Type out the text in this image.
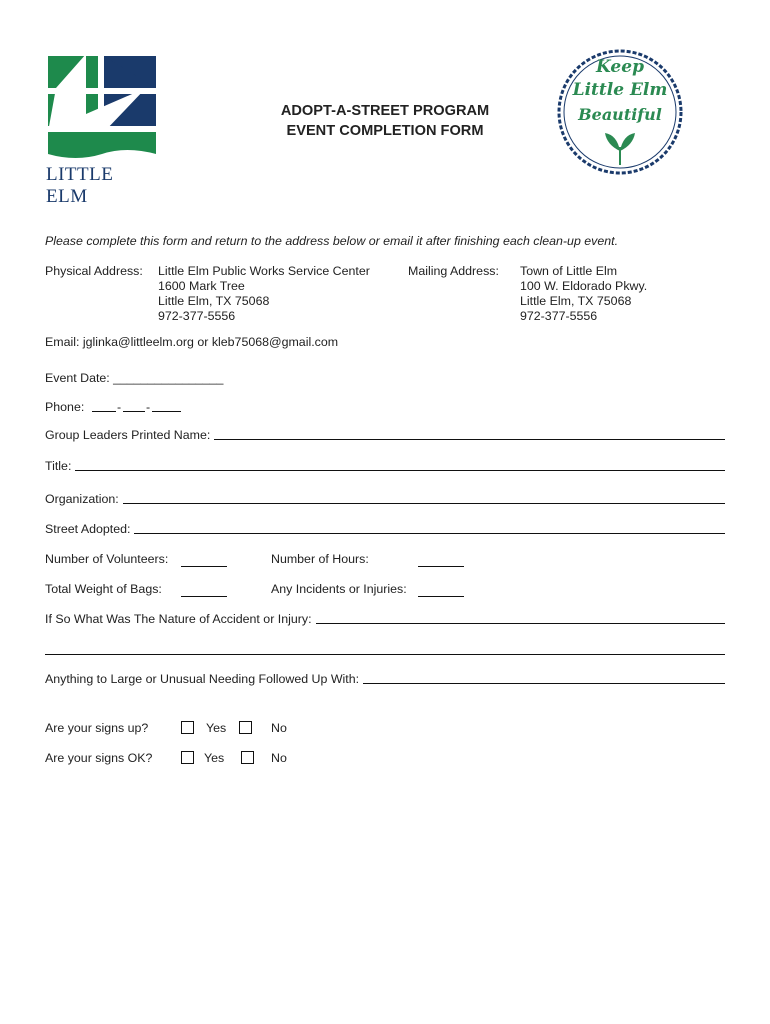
LITTLE ELM
ADOPT-A-STREET PROGRAM
EVENT COMPLETION FORM
Keep
Little Elm
Beautiful
Please complete this form and return to the address below or email it after finishing each clean-up event.
Physical Address: Little Elm Public Works Service Center
1600 Mark Tree
Little Elm, TX 75068
972-377-5556
Mailing Address: Town of Little Elm
100 W. Eldorado Pkwy.
Little Elm, TX 75068
972-377-5556
Email: jglinka@littleelm.org or kleb75068@gmail.com
Event Date: ________________
Phone:	- -
Group Leaders Printed Name:
Title:
Organization:
Street Adopted:
Number of Volunteers:	Number of Hours:
Total Weight of Bags:	Any Incidents or Injuries:
If So What Was The Nature of Accident or Injury:
Anything to Large or Unusual Needing Followed Up With:
Are your signs up?	Yes	No
Are your signs OK?	Yes	No
